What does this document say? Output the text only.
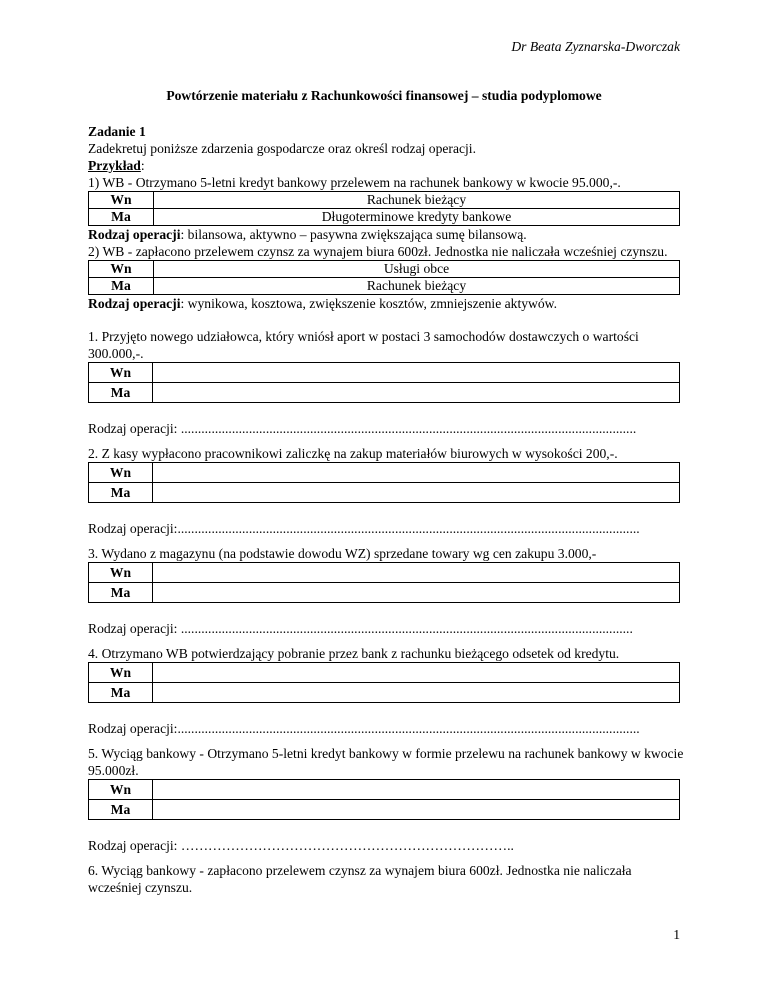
Dr Beata Zyznarska-Dworczak
Powtórzenie materiału z Rachunkowości finansowej – studia podyplomowe

Zadanie 1

Zadekretuj poniższe zdarzenia gospodarcze oraz określ rodzaj operacji.

Przykład:

1) WB - Otrzymano 5-letni kredyt bankowy przelewem na rachunek bankowy w kwocie 95.000,-.

Wn	Rachunek bieżący
Ma	Długoterminowe kredyty bankowe

Rodzaj operacji: bilansowa, aktywno – pasywna zwiększająca sumę bilansową.

2) WB - zapłacono przelewem czynsz za wynajem biura 600zł. Jednostka nie naliczała wcześniej czynszu.

Wn	Usługi obce
Ma	Rachunek bieżący

Rodzaj operacji: wynikowa, kosztowa, zwiększenie kosztów, zmniejszenie aktywów.

1. Przyjęto nowego udziałowca, który wniósł aport w postaci 3 samochodów dostawczych o wartości 300.000,-.

Wn	
Ma	

Rodzaj operacji: ......................................................................................................................................

2. Z kasy wypłacono pracownikowi zaliczkę na zakup materiałów biurowych w wysokości 200,-.

Wn	
Ma	

Rodzaj operacji:........................................................................................................................................

3. Wydano z magazynu (na podstawie dowodu WZ) sprzedane towary wg cen zakupu 3.000,-

Wn	
Ma	

Rodzaj operacji: .....................................................................................................................................

4. Otrzymano WB potwierdzający pobranie przez bank z rachunku bieżącego odsetek od kredytu.

Wn	
Ma	

Rodzaj operacji:........................................................................................................................................

5. Wyciąg bankowy - Otrzymano 5-letni kredyt bankowy w formie przelewu na rachunek bankowy w kwocie 95.000zł.

Wn	
Ma	

Rodzaj operacji: ………………………………………………………………..

6. Wyciąg bankowy - zapłacono przelewem czynsz za wynajem biura 600zł. Jednostka nie naliczała wcześniej czynszu.

1
